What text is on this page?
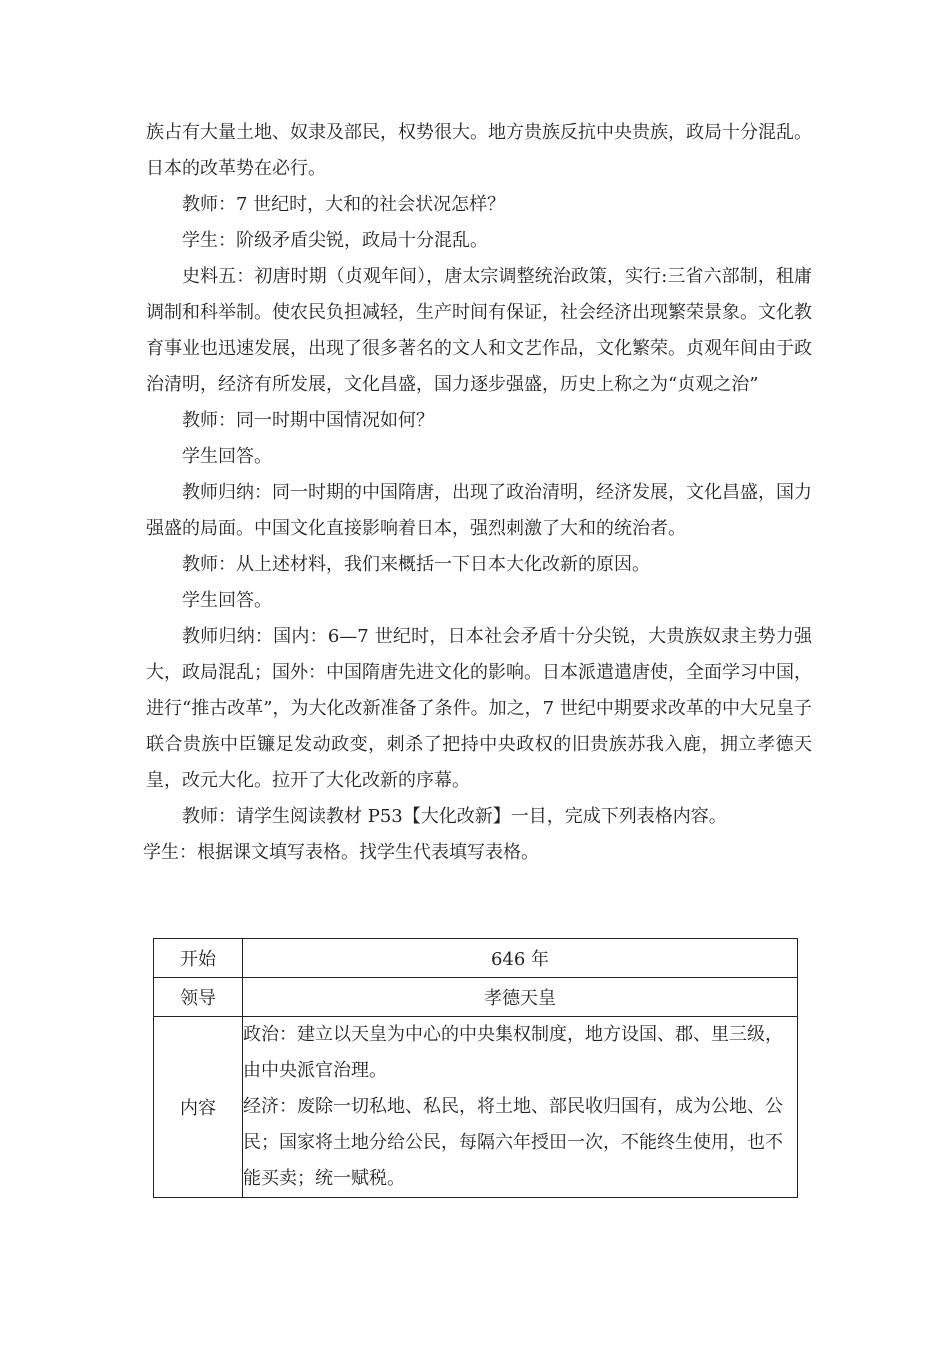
族占有大量土地、奴隶及部民，权势很大。地方贵族反抗中央贵族，政局十分混乱。日本的改革势在必行。

教师：7 世纪时，大和的社会状况怎样？

学生：阶级矛盾尖锐，政局十分混乱。

史料五：初唐时期（贞观年间），唐太宗调整统治政策，实行:三省六部制，租庸调制和科举制。使农民负担减轻，生产时间有保证，社会经济出现繁荣景象。文化教育事业也迅速发展，出现了很多著名的文人和文艺作品，文化繁荣。贞观年间由于政治清明，经济有所发展，文化昌盛，国力逐步强盛，历史上称之为“贞观之治”

教师：同一时期中国情况如何？

学生回答。

教师归纳：同一时期的中国隋唐，出现了政治清明，经济发展，文化昌盛，国力强盛的局面。中国文化直接影响着日本，强烈刺激了大和的统治者。

教师：从上述材料，我们来概括一下日本大化改新的原因。

学生回答。

教师归纳：国内：6—7 世纪时，日本社会矛盾十分尖锐，大贵族奴隶主势力强大，政局混乱；国外：中国隋唐先进文化的影响。日本派遣遣唐使，全面学习中国，进行“推古改革”，为大化改新准备了条件。加之，7 世纪中期要求改革的中大兄皇子联合贵族中臣镰足发动政变，刺杀了把持中央政权的旧贵族苏我入鹿，拥立孝德天皇，改元大化。拉开了大化改新的序幕。

教师：请学生阅读教材 P53【大化改新】一目，完成下列表格内容。

学生：根据课文填写表格。找学生代表填写表格。

开始	646 年
领导	孝德天皇
内容	政治：建立以天皇为中心的中央集权制度，地方设国、郡、里三级，由中央派官治理。
经济：废除一切私地、私民，将土地、部民收归国有，成为公地、公民；国家将土地分给公民，每隔六年授田一次，不能终生使用，也不能买卖；统一赋税。
